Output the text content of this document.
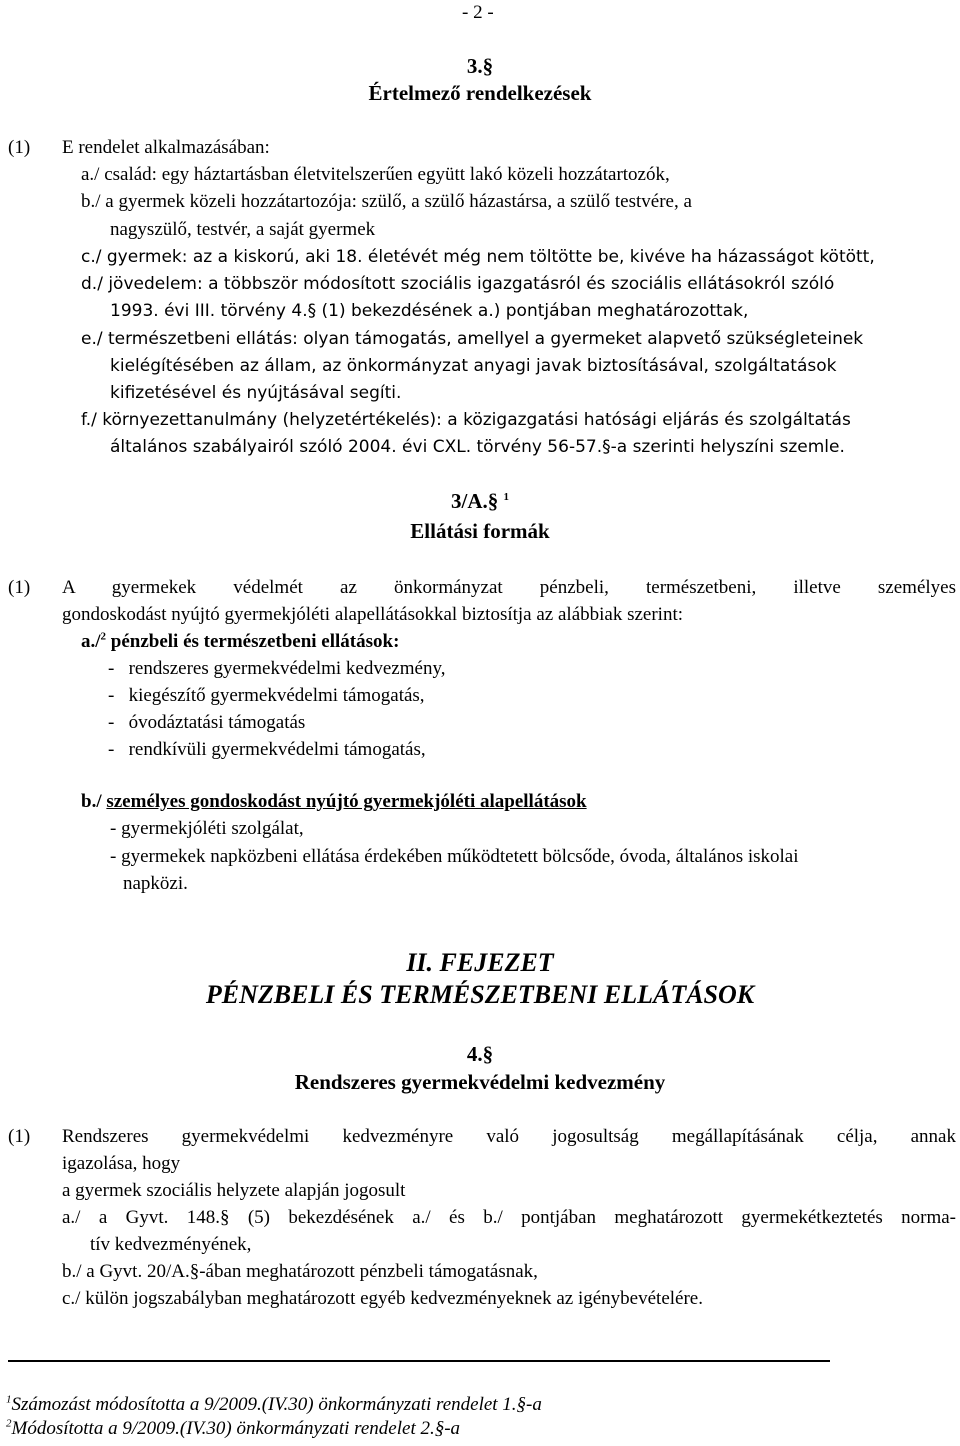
- 2 -
3.§
Értelmező rendelkezések
(1) E rendelet alkalmazásában:
a./ család: egy háztartásban életvitelszerűen együtt lakó közeli hozzátartozók,
b./ a gyermek közeli hozzátartozója: szülő, a szülő házastársa, a szülő testvére, a
nagyszülő, testvér, a saját gyermek
c./ gyermek: az a kiskorú, aki 18. életévét még nem töltötte be, kivéve ha házasságot kötött,
d./ jövedelem: a többször módosított szociális igazgatásról és szociális ellátásokról szóló
1993. évi III. törvény 4.§ (1) bekezdésének a.) pontjában meghatározottak,
e./ természetbeni ellátás: olyan támogatás, amellyel a gyermeket alapvető szükségleteinek
kielégítésében az állam, az önkormányzat anyagi javak biztosításával, szolgáltatások
kifizetésével és nyújtásával segíti.
f./ környezettanulmány (helyzetértékelés): a közigazgatási hatósági eljárás és szolgáltatás
általános szabályairól szóló 2004. évi CXL. törvény 56-57.§-a szerinti helyszíni szemle.
3/A.§ $^1$
Ellátási formák
(1) A gyermekek védelmét az önkormányzat pénzbeli, természetbeni, illetve személyes
gondoskodást nyújtó gyermekjóléti alapellátásokkal biztosítja az alábbiak szerint:
a./$^2$ pénzbeli és természetbeni ellátások:
-   rendszeres gyermekvédelmi kedvezmény,
-   kiegészítő gyermekvédelmi támogatás,
-   óvodáztatási támogatás
-   rendkívüli gyermekvédelmi támogatás,
b./ személyes gondoskodást nyújtó gyermekjóléti alapellátások
- gyermekjóléti szolgálat,
- gyermekek napközbeni ellátása érdekében működtetett bölcsőde, óvoda, általános iskolai
napközi.
II. FEJEZET
PÉNZBELI ÉS TERMÉSZETBENI ELLÁTÁSOK
4.§
Rendszeres gyermekvédelmi kedvezmény
(1) Rendszeres gyermekvédelmi kedvezményre való jogosultság megállapításának célja, annak
igazolása, hogy
a gyermek szociális helyzete alapján jogosult
a./ a Gyvt. 148.§ (5) bekezdésének a./ és b./ pontjában meghatározott gyermekétkeztetés norma-
tív kedvezményének,
b./ a Gyvt. 20/A.§-ában meghatározott pénzbeli támogatásnak,
c./ külön jogszabályban meghatározott egyéb kedvezményeknek az igénybevételére.
$^1$Számozást módosította a 9/2009.(IV.30) önkormányzati rendelet 1.§-a
$^2$Módosította a 9/2009.(IV.30) önkormányzati rendelet 2.§-a
